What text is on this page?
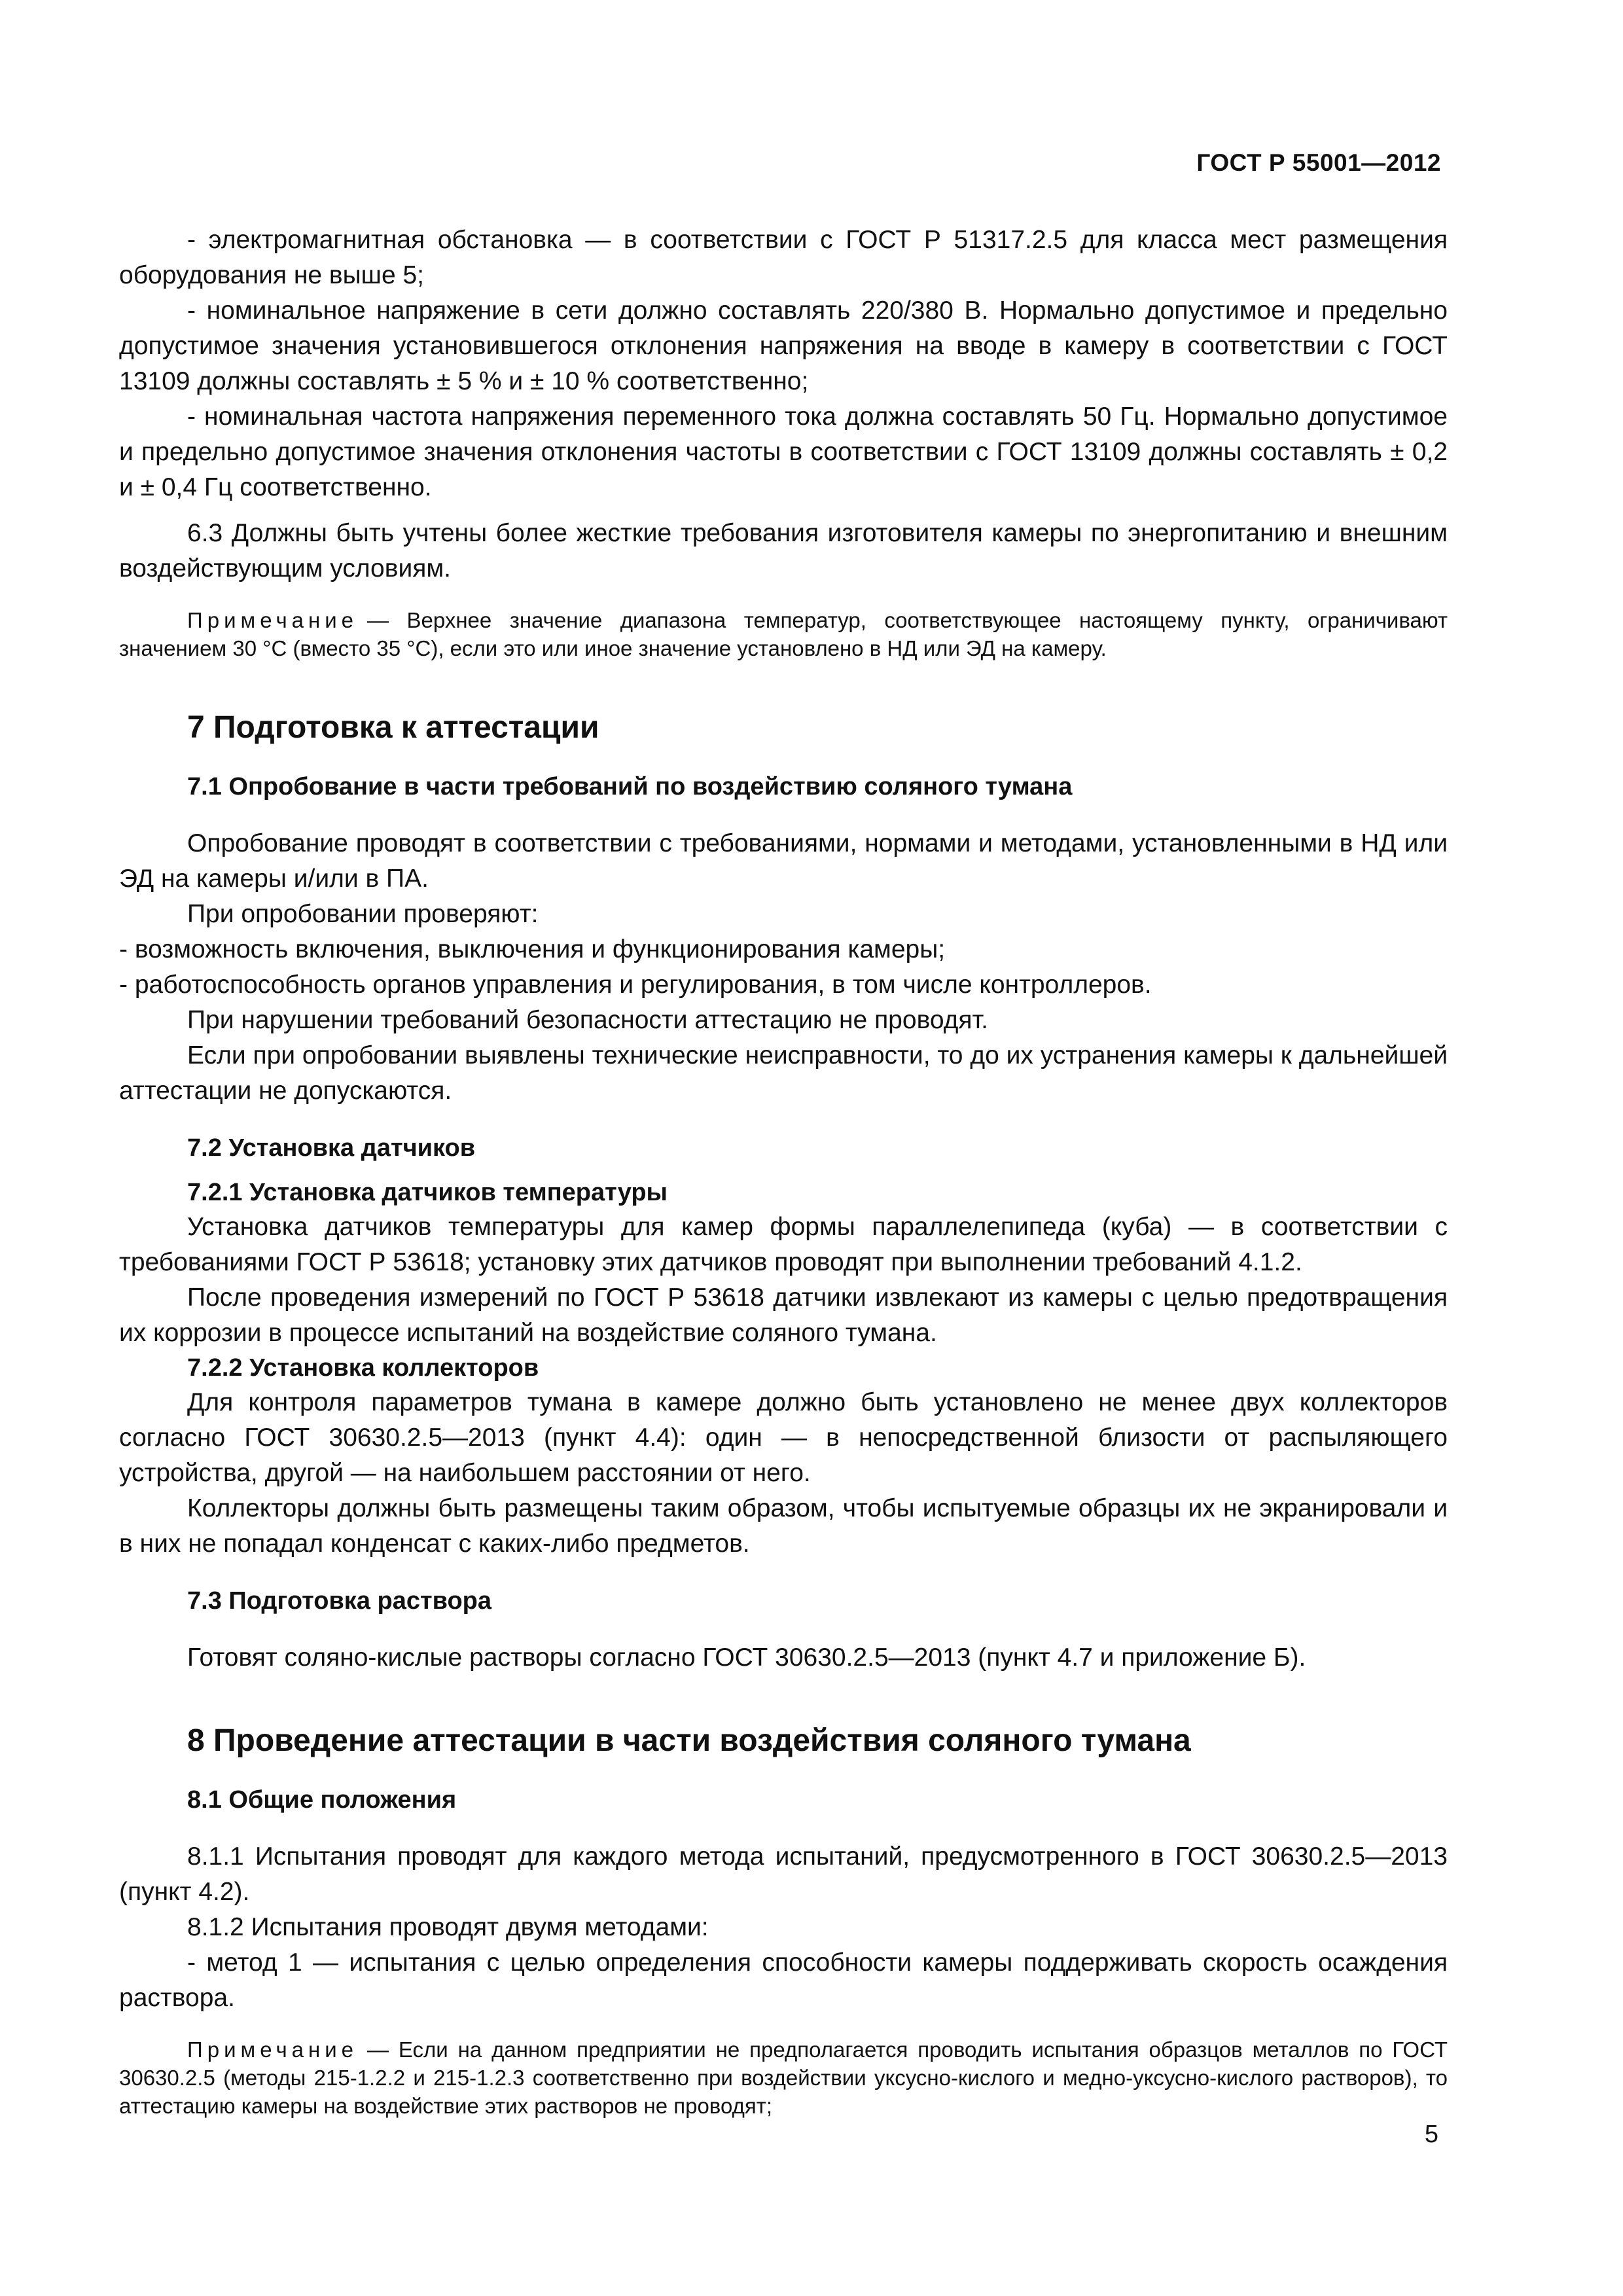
ГОСТ Р 55001—2012

- электромагнитная обстановка — в соответствии с ГОСТ Р 51317.2.5 для класса мест размещения оборудования не выше 5;

- номинальное напряжение в сети должно составлять 220/380 В. Нормально допустимое и предельно допустимое значения установившегося отклонения напряжения на вводе в камеру в соответствии с ГОСТ 13109 должны составлять ± 5 % и ± 10 % соответственно;

- номинальная частота напряжения переменного тока должна составлять 50 Гц. Нормально допустимое и предельно допустимое значения отклонения частоты в соответствии с ГОСТ 13109 должны составлять ± 0,2 и ± 0,4 Гц соответственно.

6.3 Должны быть учтены более жесткие требования изготовителя камеры по энергопитанию и внешним воздействующим условиям.

Примечание — Верхнее значение диапазона температур, соответствующее настоящему пункту, ограничивают значением 30 °С (вместо 35 °С), если это или иное значение установлено в НД или ЭД на камеру.

7 Подготовка к аттестации
7.1 Опробование в части требований по воздействию соляного тумана

Опробование проводят в соответствии с требованиями, нормами и методами, установленными в НД или ЭД на камеры и/или в ПА.

При опробовании проверяют:

- возможность включения, выключения и функционирования камеры;

- работоспособность органов управления и регулирования, в том числе контроллеров.

При нарушении требований безопасности аттестацию не проводят.

Если при опробовании выявлены технические неисправности, то до их устранения камеры к дальнейшей аттестации не допускаются.

7.2 Установка датчиков
7.2.1 Установка датчиков температуры

Установка датчиков температуры для камер формы параллелепипеда (куба) — в соответствии с требованиями ГОСТ Р 53618; установку этих датчиков проводят при выполнении требований 4.1.2.

После проведения измерений по ГОСТ Р 53618 датчики извлекают из камеры с целью предотвращения их коррозии в процессе испытаний на воздействие соляного тумана.

7.2.2 Установка коллекторов

Для контроля параметров тумана в камере должно быть установлено не менее двух коллекторов согласно ГОСТ 30630.2.5—2013 (пункт 4.4): один — в непосредственной близости от распыляющего устройства, другой — на наибольшем расстоянии от него.

Коллекторы должны быть размещены таким образом, чтобы испытуемые образцы их не экранировали и в них не попадал конденсат с каких-либо предметов.

7.3 Подготовка раствора

Готовят соляно-кислые растворы согласно ГОСТ 30630.2.5—2013 (пункт 4.7 и приложение Б).

8 Проведение аттестации в части воздействия соляного тумана
8.1 Общие положения

8.1.1 Испытания проводят для каждого метода испытаний, предусмотренного в ГОСТ 30630.2.5—2013 (пункт 4.2).

8.1.2 Испытания проводят двумя методами:

- метод 1 — испытания с целью определения способности камеры поддерживать скорость осаждения раствора.

Примечание — Если на данном предприятии не предполагается проводить испытания образцов металлов по ГОСТ 30630.2.5 (методы 215-1.2.2 и 215-1.2.3 соответственно при воздействии уксусно-кислого и медно-уксусно-кислого растворов), то аттестацию камеры на воздействие этих растворов не проводят;

5
